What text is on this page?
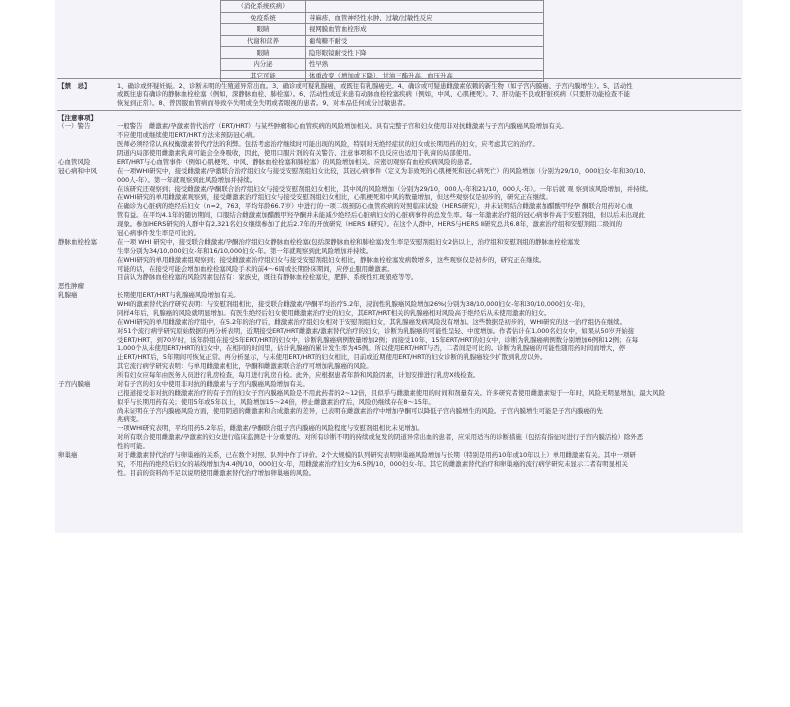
（消化系统疾病）	
免疫系统	荨麻疹、血管神经性水肿、过敏/过敏性反应
眼睛	视网膜血管血栓形成
代谢和营养	葡萄糖不耐受
眼睛	隐形眼镜耐受性下降
内分泌	性早熟
其它可能	体重改变（增加或下降）、甘油三酯升高、血压升高
【禁　忌】	1、确诊或怀疑妊娠。2、诊断未明的生殖道异常出血。3、确诊或可疑乳腺癌，或既往有乳腺癌史。4、确诊或可疑患雌激素依赖的新生物（如子宫内膜癌、子宫内膜增生）。5、活动性
或既往患有确诊的静脉血栓栓塞（例如，深静脉血栓、肺栓塞）。6、活动性或近来患有动脉血栓栓塞疾病（例如，中风、心肌梗死）。7、肝功能不良或肝脏疾病（只要肝功能检查不能
恢复到正常）。8、曾因服血管病而导致卒失明或全失明或者眼视的患者。9、对本品任何成分过敏患者。
【注意事项】
（一）警告	一般警告　雌激素/孕激素替代治疗（ERT/HRT）与某些肿瘤和心血管疾病的风险增加相关。具有完整子宫和妇女使用非对抗雌激素与子宫内膜癌风险增加有关。
不应使用或继续使用ERT/HRT方法来预防冠心病。
医师必须经常认真权衡激素替代疗法的利弊。包括考虑治疗继续时可能出现的风险，特别对无绝经症状的妇女或长期用药的妇女，应考虑其它的治疗。
阴道内局部使用雌激素乳膏可能会全身吸收，因此，使用口服片剂的有关警告、注意事项和不良反应也适用于乳膏的局部使用。
心血管风险	ERT/HRT与心血管事件（例如心肌梗死、中风、静脉血栓栓塞和肺栓塞）的风险增加相关。应密切观察有血栓疾病风险的患者。
冠心病和中风	在一项WHI研究中，接受雌激素/孕激联合治疗组妇女与接受安慰剂组妇女比较，其冠心病事件（定义为非致死的心肌梗死和冠心病死亡）的风险增加（分别为29/10，000妇女-年和30/10,
000人-年）。第一年就观察到此风险增加并持续。
在该研究还观察到；接受雌激素/孕酮联合治疗组妇女与接受安慰剂组妇女相比，其中风的风险增加（分别为29/10，000人-年和21/10，000人-年）。一年后就 观 察到该风险增加，并持续。
在WHI研究的单用雌激素观察到，接受雌激素治疗组妇女与接受安慰剂组妇女相比，心肌梗死和中风的数量增加，但这些观察仅是初步的，研究正在继续。
在确诊为心脏病的绝经后妇女（n=2，763，平均年龄66.7岁）中进行的一项二级预防心血管疾病的对照临床试验（HERS研究），并未证明结合雌激素加醋酸甲羟孕 酮联合用药对心血
管有益。在平均4.1年的随访期间，口服结合雌激素加醋酸甲羟孕酮并未能减少绝经后心脏病妇女的心脏病事件的总发生率。每一年激素治疗组的冠心病事件高于安慰剂组，但以后未出现此
现象。参加HERS研究的人群中有2,321名妇女继续参加了此后2.7年的开放研究（HERS Ⅱ研究）。在这个人群中，HERS与HERS Ⅱ研究总共6.8年，激素治疗组和安慰剂组二级间的
冠心病事件发生率是可比的。
静脉血栓栓塞	在一项 WHI 研究中，接受联合雌激素/孕酮治疗组妇女静脉血栓栓塞(包括深静脉血栓和肺栓塞)发生率是安慰剂组妇女2倍以上，治疗组和安慰剂组的静脉血栓栓塞发
生率分别为34/10,000妇女-年和16/10,000妇女-年。第一年就观察到此风险增加并持续。
在WHI研究的单用雌激素组观察到；接受雌激素治疗组妇女与接受安慰剂组妇女相比，静脉血栓栓塞发病数增多，这些观察仅是初步的，研究正在继续。
可能的话，在接受可能会增加血栓栓塞风险手术的前4～6周或长期卧床期间，应停止服用雌激素。
目前认为静脉血栓栓塞的风险因素包括有：家族史，既往有静脉血栓栓塞史，肥胖、系统性红斑狼疮等等。
恶性肿瘤
乳腺癌	长期使用ERT/HRT与乳腺癌风险增加有关。
WHI的激素替代治疗研究表明：与安慰剂组相比，接受联合雌激素/孕酮平均治疗5.2年，浸润性乳腺癌风险增加26%(分别为38/10,000妇女-年和30/10,000妇女-年)，
同样4年后，乳腺癌的风险就明显增加。有医生绝经后妇女使用雌激素治疗史的妇女，其ERT/HRT相关的乳腺癌相对风险高于绝经后从未使用激素的妇女。
在WHI研究的单用雌激素治疗组中，在5.2年的治疗后，雌激素治疗组妇女相对于安慰剂组妇女，其乳腺癌发病风险没有增加。这些数据是初步的，WHI研究的这一治疗组仍在继续。
对51个流行病学研究原始数据的再分析表明，近期接受ERT/HRT雌激素/激素替代治疗的妇女，诊断为乳腺癌的可能性呈轻、中度增加。作者估计在1,000名妇女中，如果从50岁开始接
受ERT/HRT，到70岁时，该年龄组在接受5年ERT/HRT的妇女中，诊断乳腺癌病例数量增加2例；而接受10年、15年ERT/HRT的妇女中，诊断为乳腺癌病例数分别增加6例和12例；在每
1,000个从未使用ERT/HRT的妇女中，在相同的时间里，估计乳腺癌的累计发生率为45例。所以使用ERT/HRT与否，二者间是可比的。诊断为乳腺癌的可能性随用药时间而增大，停
止ERT/HRT后，5年期间可恢复正常。再分析显示，与未使用ERT/HRT的妇女相比，目前或近期使用ERT/HRT的妇女诊断的乳腺癌较少扩散到乳房以外。
其它流行病学研究表明：与单用雌激素相比，孕酮和雌激素联合治疗可增加乳腺癌的风险。
所有妇女应每年由医务人员进行乳房检查，每月进行乳房自检。此外，应根据患者年龄和风险因素，计划安排进行乳房X线检查。
子宫内膜癌	对有子宫的妇女中使用非对抗的雌激素与子宫内膜癌风险增加有关。
已报道接受非对抗的雌激素治疗的有子宫的妇女子宫内膜癌风险是不用此药者的2~12倍，且似乎与雌激素使用的时间和剂量有关。许多研究者使用雌激素短于一年时，风险无明显增加，最大风险
似乎与长期用药有关；使用5年或5年以上，风险增加15～24倍，停止雌激素治疗后，风险仍继续存在8～15年。
尚未证明在子宫内膜癌风险方面，使用阴道的雌激素和合成激素的差异，已表明在雌激素治疗中增加孕酮可以降低子宫内膜增生的风险。子宫内膜增生可能是子宫内膜癌的先
兆病变。
一项WHI研究表明，平均用药5.2年后，雌激素/孕酮联合组子宫内膜癌的风险程度与安慰剂组相比未见增加。
对所有联合使用雌激素/孕激素的妇女进行临床监测是十分重要的。对所有诊断不明的持续或复发的阴道异常出血的患者，应采用适当的诊断措施（包括有指征时进行子宫内膜活检）除外恶
性的可能。
卵巢癌	对于雌激素替代治疗与卵巢癌的关系，已在数个对照、队列中作了评价。2个大规模的队列研究表明卵巢癌风险增加与长期（特别是用药10年或10年以上）单用雌激素有关。其中一项研
究，不用药的绝经后妇女的基线增加为4.4例/10，000妇女-年，用雌激素治疗妇女为6.5例/10，000妇女-年。其它的雌激素替代治疗和卵巢癌的流行病学研究未显示二者有明显相关
性。目前的资料尚不足以说明使用雌激素替代治疗增加卵巢癌的风险。
